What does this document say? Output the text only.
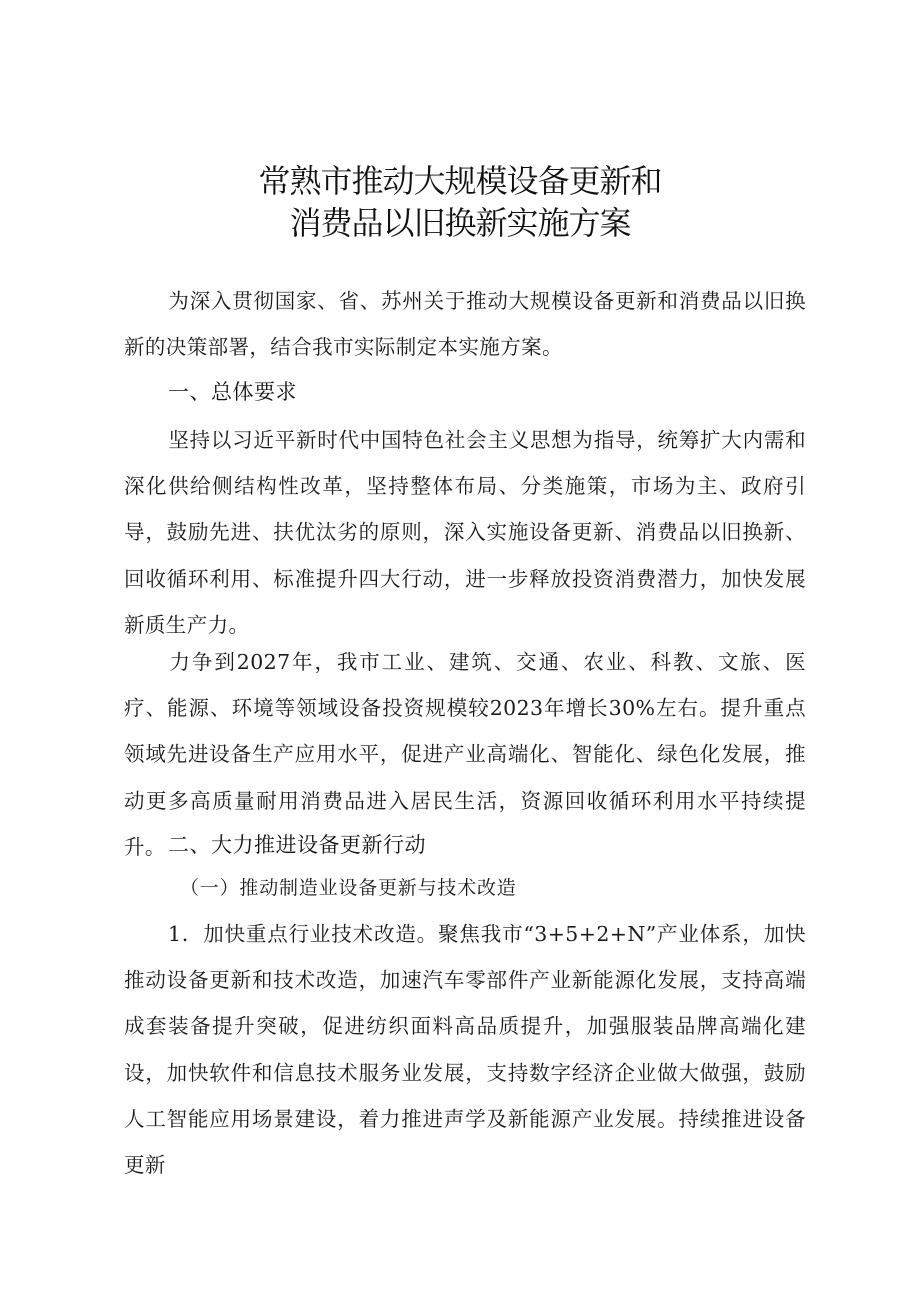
常熟市推动大规模设备更新和
消费品以旧换新实施方案
为深入贯彻国家、省、苏州关于推动大规模设备更新和消费品以旧换新的决策部署，结合我市实际制定本实施方案。
一、总体要求
坚持以习近平新时代中国特色社会主义思想为指导，统筹扩大内需和深化供给侧结构性改革，坚持整体布局、分类施策，市场为主、政府引导，鼓励先进、扶优汰劣的原则，深入实施设备更新、消费品以旧换新、回收循环利用、标准提升四大行动，进一步释放投资消费潜力，加快发展新质生产力。
力争到2027年，我市工业、建筑、交通、农业、科教、文旅、医疗、能源、环境等领域设备投资规模较2023年增长30%左右。提升重点领域先进设备生产应用水平，促进产业高端化、智能化、绿色化发展，推动更多高质量耐用消费品进入居民生活，资源回收循环利用水平持续提升。 二、大力推进设备更新行动
（一）推动制造业设备更新与技术改造
1．加快重点行业技术改造。聚焦我市“3+5+2+N”产业体系，加快推动设备更新和技术改造，加速汽车零部件产业新能源化发展，支持高端成套装备提升突破，促进纺织面料高品质提升，加强服装品牌高端化建设，加快软件和信息技术服务业发展，支持数字经济企业做大做强，鼓励人工智能应用场景建设，着力推进声学及新能源产业发展。持续推进设备更新
